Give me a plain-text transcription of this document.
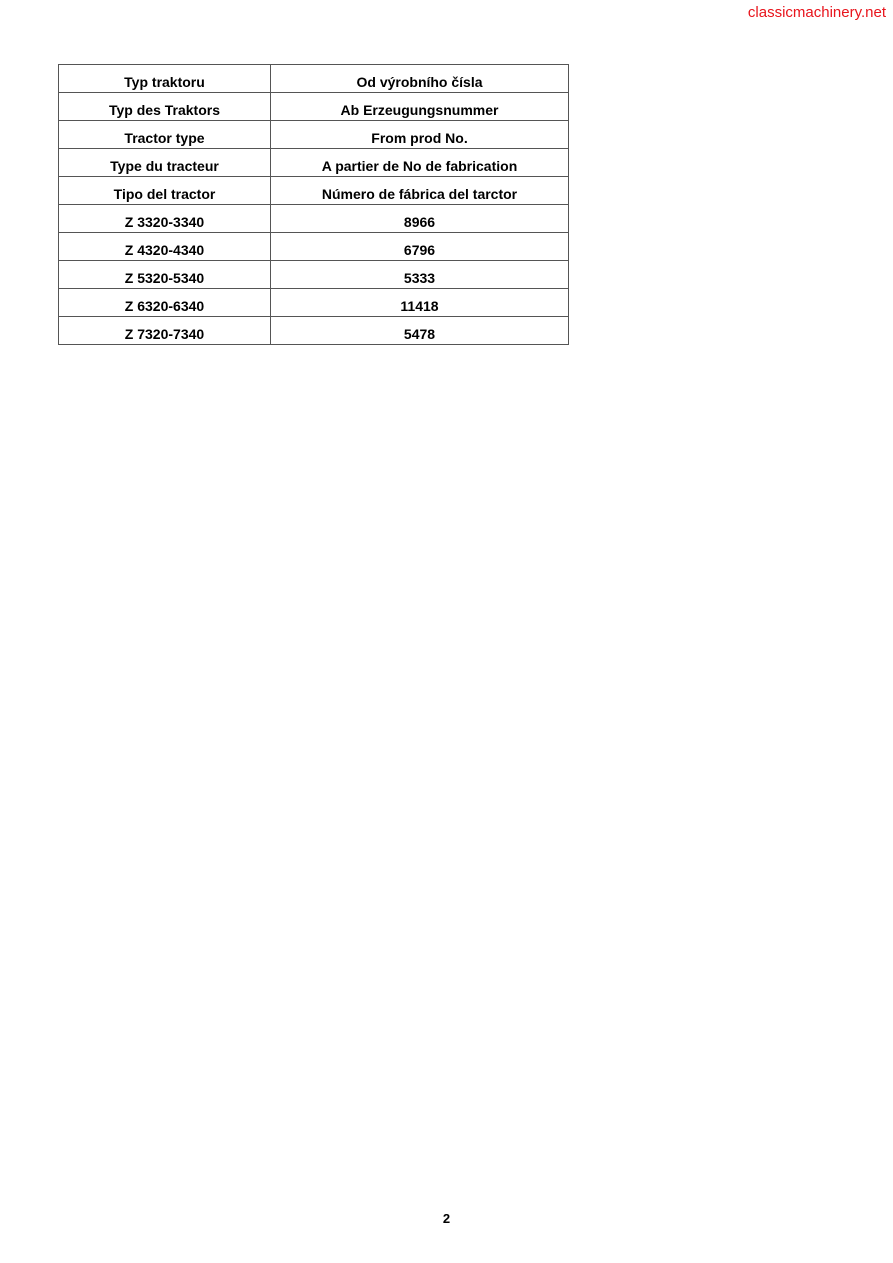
classicmachinery.net
Typ traktoru	Od výrobního čísla
Typ des Traktors	Ab Erzeugungsnummer
Tractor type	From prod No.
Type du tracteur	A partier de No de fabrication
Tipo del tractor	Número de fábrica del tarctor
Z 3320-3340	8966
Z 4320-4340	6796
Z 5320-5340	5333
Z 6320-6340	11418
Z 7320-7340	5478
2
